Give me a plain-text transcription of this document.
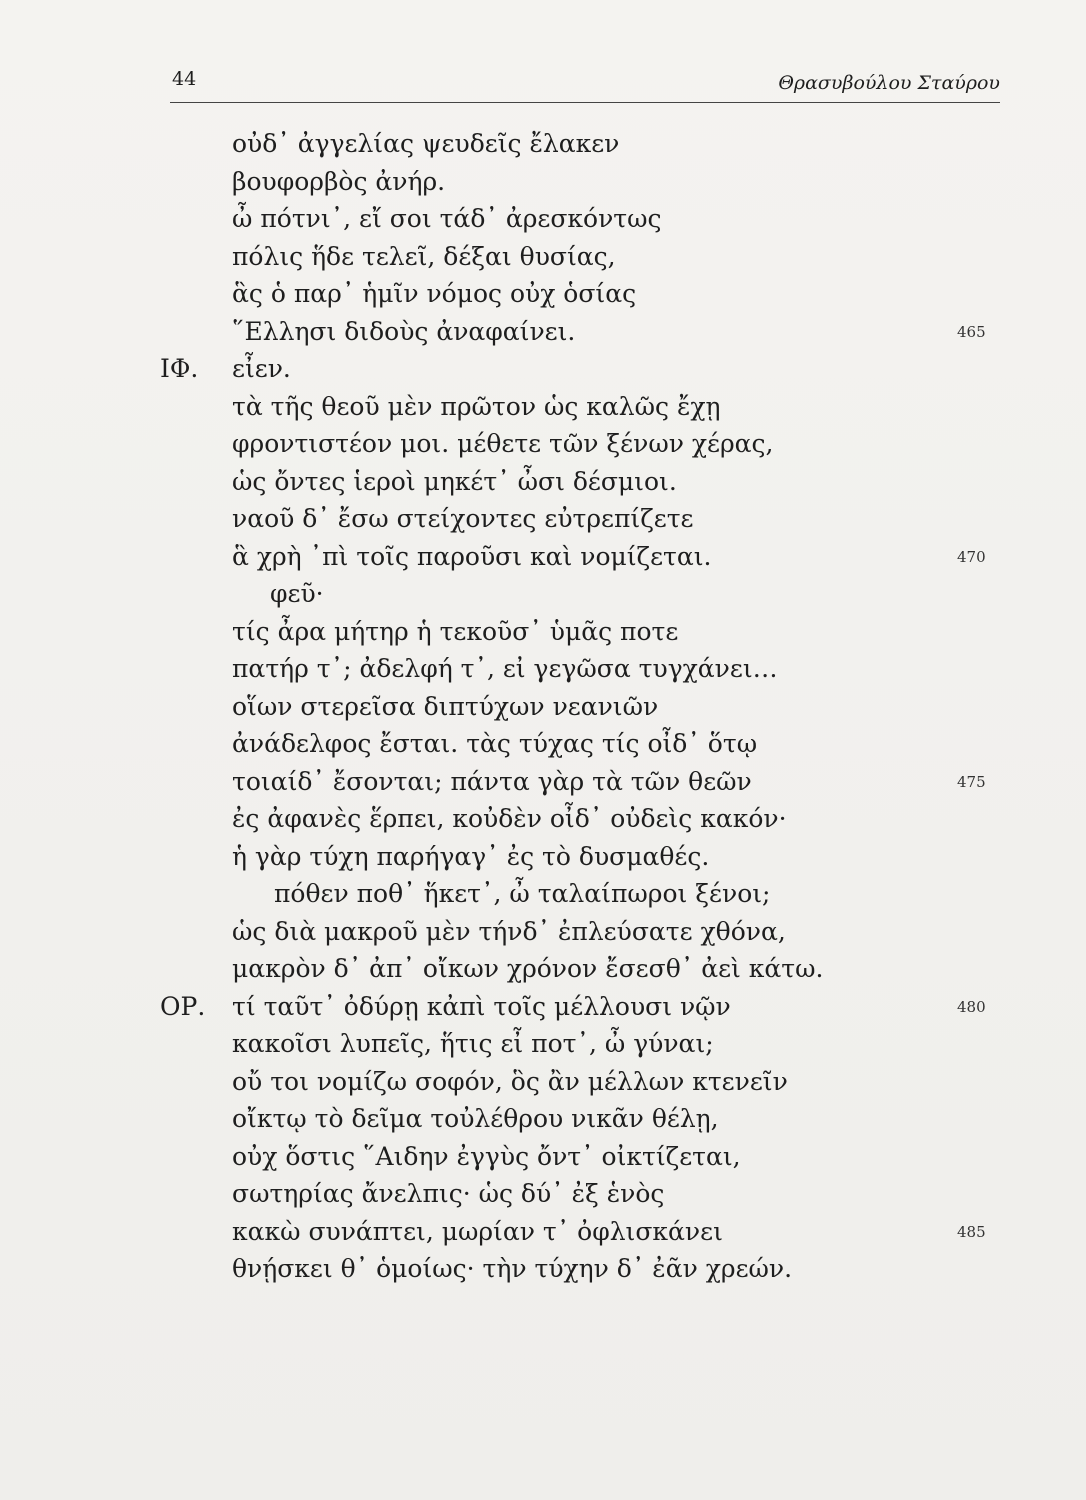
44	Θρασυβούλου Σταύρου
οὐδ᾽ ἀγγελίας ψευδεῖς ἔλακεν
βουφορβὸς ἀνήρ.
ὦ πότνι᾽, εἴ σοι τάδ᾽ ἀρεσκόντως
πόλις ἥδε τελεῖ, δέξαι θυσίας,
ἃς ὁ παρ᾽ ἡμῖν νόμος οὐχ ὁσίας
῞Ελλησι διδοὺς ἀναφαίνει.
ΙΦ. εἶεν.
τὰ τῆς θεοῦ μὲν πρῶτον ὡς καλῶς ἔχῃ
φροντιστέον μοι. μέθετε τῶν ξένων χέρας,
ὡς ὄντες ἱεροὶ μηκέτ᾽ ὦσι δέσμιοι.
ναοῦ δ᾽ ἔσω στείχοντες εὐτρεπίζετε
ἃ χρὴ ᾽πὶ τοῖς παροῦσι καὶ νομίζεται.
φεῦ·
τίς ἆρα μήτηρ ἡ τεκοῦσ᾽ ὑμᾶς ποτε
πατήρ τ᾽; ἀδελφή τ᾽, εἰ γεγῶσα τυγχάνει…
οἵων στερεῖσα διπτύχων νεανιῶν
ἀνάδελφος ἔσται. τὰς τύχας τίς οἶδ᾽ ὅτῳ
τοιαίδ᾽ ἔσονται; πάντα γὰρ τὰ τῶν θεῶν
ἐς ἀφανὲς ἕρπει, κοὐδὲν οἶδ᾽ οὐδεὶς κακόν·
ἡ γὰρ τύχη παρήγαγ᾽ ἐς τὸ δυσμαθές.
πόθεν ποθ᾽ ἥκετ᾽, ὦ ταλαίπωροι ξένοι;
ὡς διὰ μακροῦ μὲν τήνδ᾽ ἐπλεύσατε χθόνα,
μακρὸν δ᾽ ἀπ᾽ οἴκων χρόνον ἔσεσθ᾽ ἀεὶ κάτω.
ΟΡ. τί ταῦτ᾽ ὀδύρῃ κἀπὶ τοῖς μέλλουσι νῷν
κακοῖσι λυπεῖς, ἥτις εἶ ποτ᾽, ὦ γύναι;
οὔ τοι νομίζω σοφόν, ὃς ἂν μέλλων κτενεῖν
οἴκτῳ τὸ δεῖμα τοὐλέθρου νικᾶν θέλῃ,
οὐχ ὅστις ῞Αιδην ἐγγὺς ὄντ᾽ οἰκτίζεται,
σωτηρίας ἄνελπις· ὡς δύ᾽ ἐξ ἑνὸς
κακὼ συνάπτει, μωρίαν τ᾽ ὀφλισκάνει
θνῄσκει θ᾽ ὁμοίως· τὴν τύχην δ᾽ ἐᾶν χρεών.
465
470
475
480
485
